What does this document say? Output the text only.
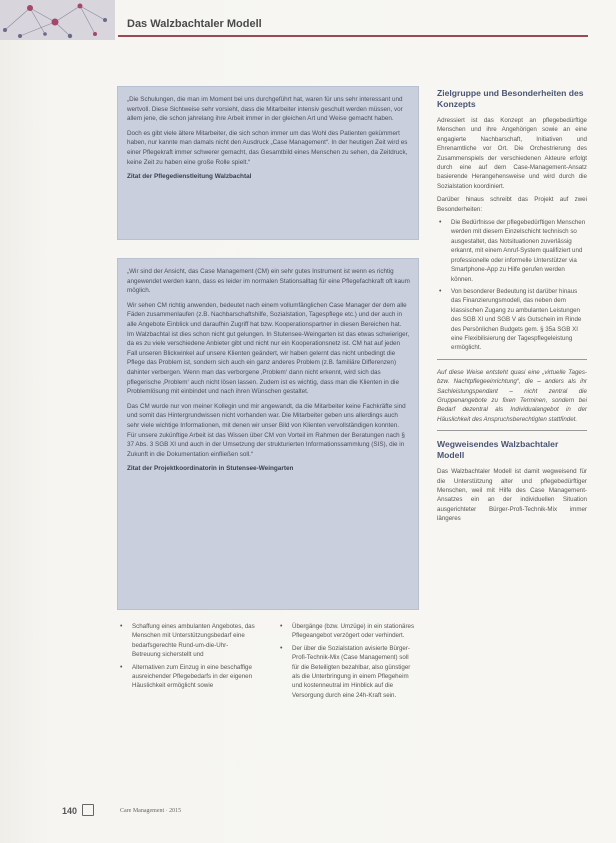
Das Walzbachtaler Modell

„Die Schulungen, die man im Moment bei uns durchgeführt hat, waren für uns sehr interessant und wertvoll. Diese Sichtweise sehr vorsieht, dass die Mitarbeiter intensiv geschult werden müssen, vor allem jene, die schon jahrelang ihre Arbeit immer in der gleichen Art und Weise gemacht haben.

Doch es gibt viele ältere Mitarbeiter, die sich schon immer um das Wohl des Patienten gekümmert haben, nur kannte man damals nicht den Ausdruck „Case Management“. In der heutigen Zeit wird es einer Pflegekraft immer schwerer gemacht, das Gesamtbild eines Menschen zu sehen, da Zeitdruck, keine Zeit zu haben eine große Rolle spielt.“

Zitat der Pflegedienstleitung Walzbachtal

„Wir sind der Ansicht, das Case Management (CM) ein sehr gutes Instrument ist wenn es richtig angewendet werden kann, dass es leider im normalen Stationsalltag für eine Pflegefachkraft oft kaum möglich.

Wir sehen CM richtig anwenden, bedeutet nach einem vollumfänglichen Case Manager der dem alle Fäden zusammenlaufen (z.B. Nachbarschaftshilfe, Sozialstation, Tagespflege etc.) und der auch in alle Angebote Einblick und daraufhin Zugriff hat bzw. Kooperationspartner in diesen Bereichen hat. Im Walzbachtal ist dies schon nicht gut gelungen. In Stutensee-Weingarten ist das etwas schwieriger, da es zu viele verschiedene Anbieter gibt und nicht nur ein Kooperationsnetz ist. CM hat auf jeden Fall unseren Blickwinkel auf unsere Klienten geändert, wir haben gelernt das nicht unbedingt die Pflege das Problem ist, sondern sich auch ein ganz anderes Problem (z.B. familiäre Differenzen) dahinter verbergen. Wenn man das verborgene ‚Problem‘ dann nicht erkennt, wird sich das pflegerische ‚Problem‘ auch nicht lösen lassen. Zudem ist es wichtig, dass man die Klienten in die Problemlösung mit einbindet und nach ihren Wünschen gestaltet.

Das CM wurde nur von meiner Kollegin und mir angewandt, da die Mitarbeiter keine Fachkräfte sind und somit das Hintergrundwissen nicht vorhanden war. Die Mitarbeiter geben uns allerdings auch sehr viele wichtige Informationen, mit denen wir unser Bild von Klienten vervollständigen konnten. Für unsere zukünftige Arbeit ist das Wissen über CM von Vorteil im Rahmen der Beratungen nach § 37 Abs. 3 SGB XI und auch in der Umsetzung der strukturierten Informationssammlung (SIS), die in Zukunft in die Dokumentation einfließen soll.“

Zitat der Projektkoordinatorin in Stutensee-Weingarten

• Schaffung eines ambulanten Angebotes, das Menschen mit Unterstützungsbedarf eine bedarfsgerechte Rund-um-die-Uhr-Betreuung sicherstellt und
• Alternativen zum Einzug in eine beschaffige ausreichender Pflegebedarfs in der eigenen Häuslichkeit ermöglicht sowie
• Übergänge (bzw. Umzüge) in ein stationäres Pflegeangebot verzögert oder verhindert.
• Der über die Sozialstation avisierte Bürger-Profi-Technik-Mix (Case Management) soll für die Beteiligten bezahlbar, also günstiger als die Unterbringung in einem Pflegeheim und kostenneutral im Hinblick auf die Versorgung durch eine 24h-Kraft sein.
Zielgruppe und Besonderheiten des Konzepts

Adressiert ist das Konzept an pflegebedürftige Menschen und ihre Angehörigen sowie an eine engagierte Nachbarschaft, Initiativen und Ehrenamtliche vor Ort. Die Orchestrierung des Zusammenspiels der verschiedenen Akteure erfolgt durch eine auf dem Case-Management-Ansatz basierende Herangehensweise und wird durch die Sozialstation koordiniert.

Darüber hinaus schreibt das Projekt auf zwei Besonderheiten:

• Die Bedürfnisse der pflegebedürftigen Menschen werden mit diesem Einzelschicht technisch so ausgestaltet, das Notsituationen zuverlässig erkannt, mit einem Anruf-System qualifiziert und professionelle oder informelle Unterstützer via Smartphone-App zu Hilfe gerufen werden können.
• Von besonderer Bedeutung ist darüber hinaus das Finanzierungsmodell, das neben dem klassischen Zugang zu ambulanten Leistungen des SGB XI und SGB V als Gutschein im Rinde des Persönlichen Budgets gem. § 35a SGB XI eine Flexibilisierung der Tagespflegeleistung ermöglicht.

Auf diese Weise entsteht quasi eine „virtuelle Tages- bzw. Nachtpflegeeinrichtung“, die – anders als ihr Sachleistungspendant – nicht zentral die Gruppenangebote zu fixen Terminen, sondern bei Bedarf dezentral als Individualangebot in der Häuslichkeit des Anspruchsberechtigten stattfindet.

Wegweisendes Walzbachtaler Modell

Das Walzbachtaler Modell ist damit wegweisend für die Unterstützung alter und pflegebedürftiger Menschen, weil mit Hilfe des Case Management-Ansatzes ein an der individuellen Situation ausgerichteter Bürger-Profi-Technik-Mix immer längeres

140	Care Management · 2015
